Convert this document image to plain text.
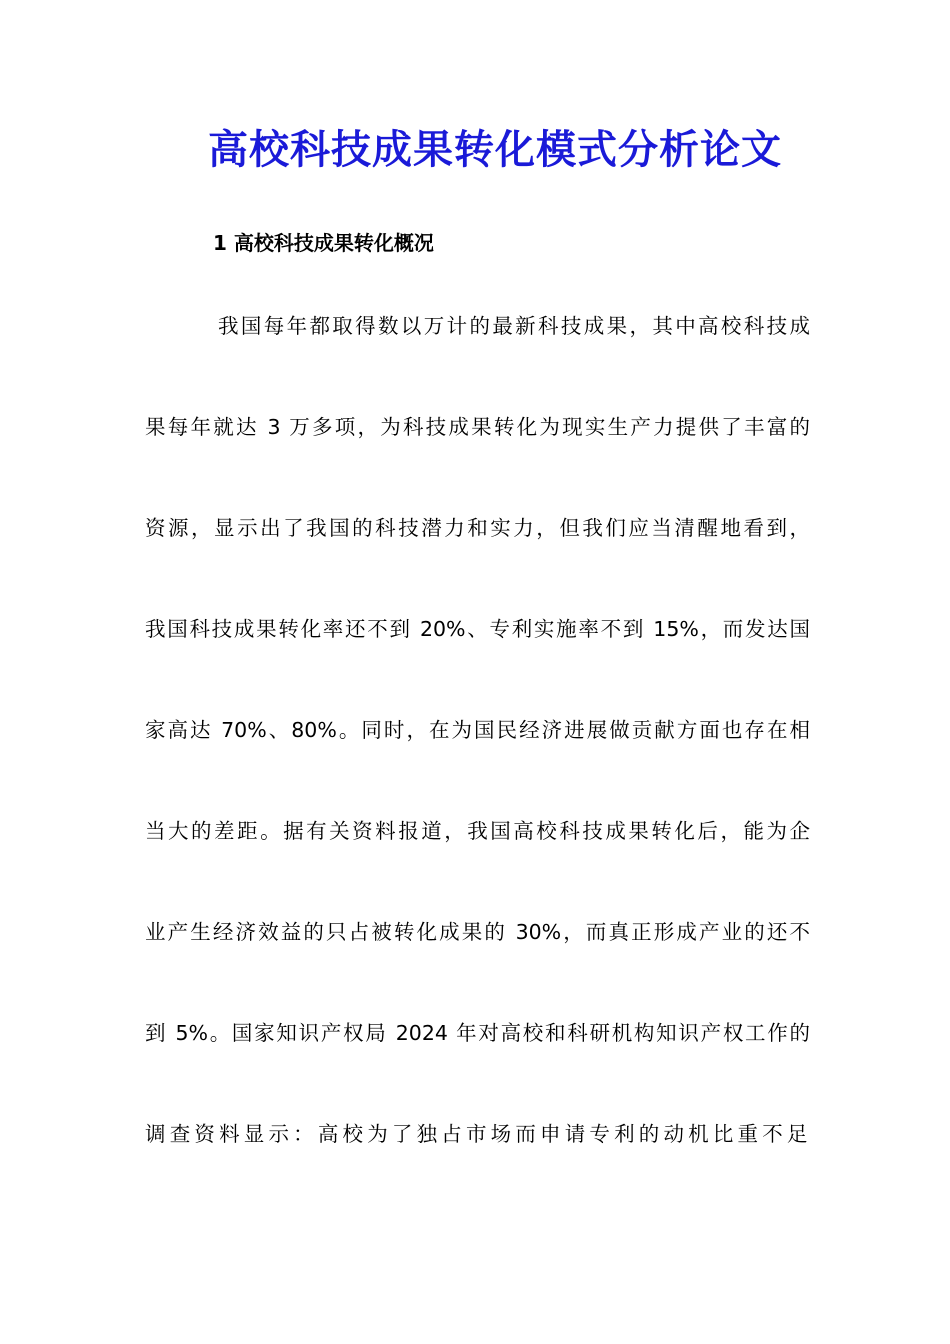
高校科技成果转化模式分析论文
1 高校科技成果转化概况
我国每年都取得数以万计的最新科技成果，其中高校科技成
果每年就达 3 万多项，为科技成果转化为现实生产力提供了丰富的
资源，显示出了我国的科技潜力和实力，但我们应当清醒地看到，
我国科技成果转化率还不到 20%、专利实施率不到 15%，而发达国
家高达 70%、80%。同时，在为国民经济进展做贡献方面也存在相
当大的差距。据有关资料报道，我国高校科技成果转化后，能为企
业产生经济效益的只占被转化成果的 30%，而真正形成产业的还不
到 5%。国家知识产权局 2024 年对高校和科研机构知识产权工作的
调查资料显示：高校为了独占市场而申请专利的动机比重不足
